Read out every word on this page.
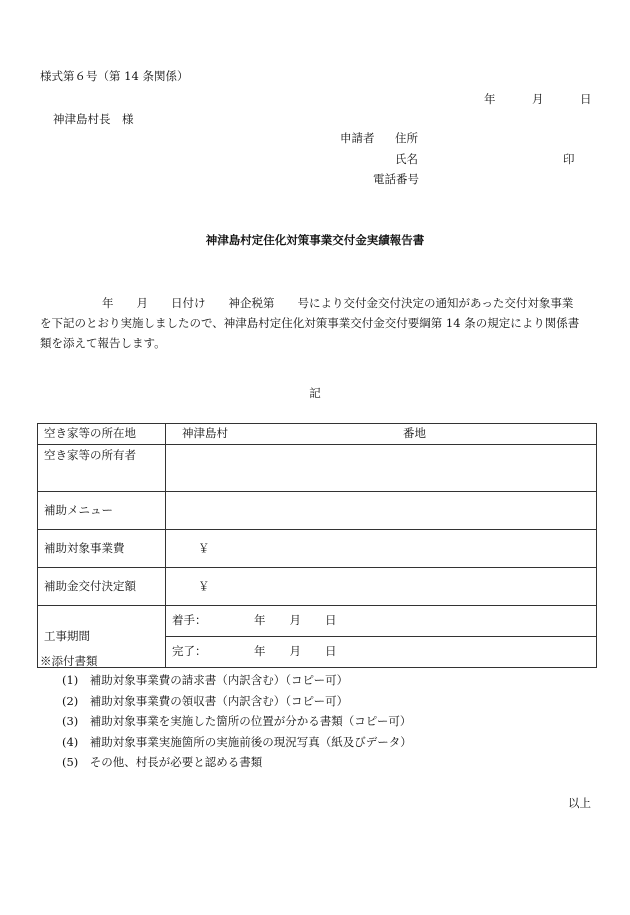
様式第６号（第 14 条関係）
年	月	日
神津島村長　様
申請者 住所
氏名	印
電話番号
神津島村定住化対策事業交付金実績報告書
年　　月　　日付け　　神企税第　　号により交付金交付決定の通知があった交付対象事業
を下記のとおり実施しましたので、神津島村定住化対策事業交付金交付要綱第 14 条の規定により関係書
類を添えて報告します。
記
空き家等の所在地	神津島村 番地
空き家等の所有者	
補助メニュー	
補助対象事業費	￥
補助金交付決定額	￥
工事期間	着手： 年 月 日
	完了： 年 月 日
※添付書類
(1)　補助対象事業費の請求書（内訳含む）（コピー可）
(2)　補助対象事業費の領収書（内訳含む）（コピー可）
(3)　補助対象事業を実施した箇所の位置が分かる書類（コピー可）
(4)　補助対象事業実施箇所の実施前後の現況写真（紙及びデータ）
(5)　その他、村長が必要と認める書類
以上
